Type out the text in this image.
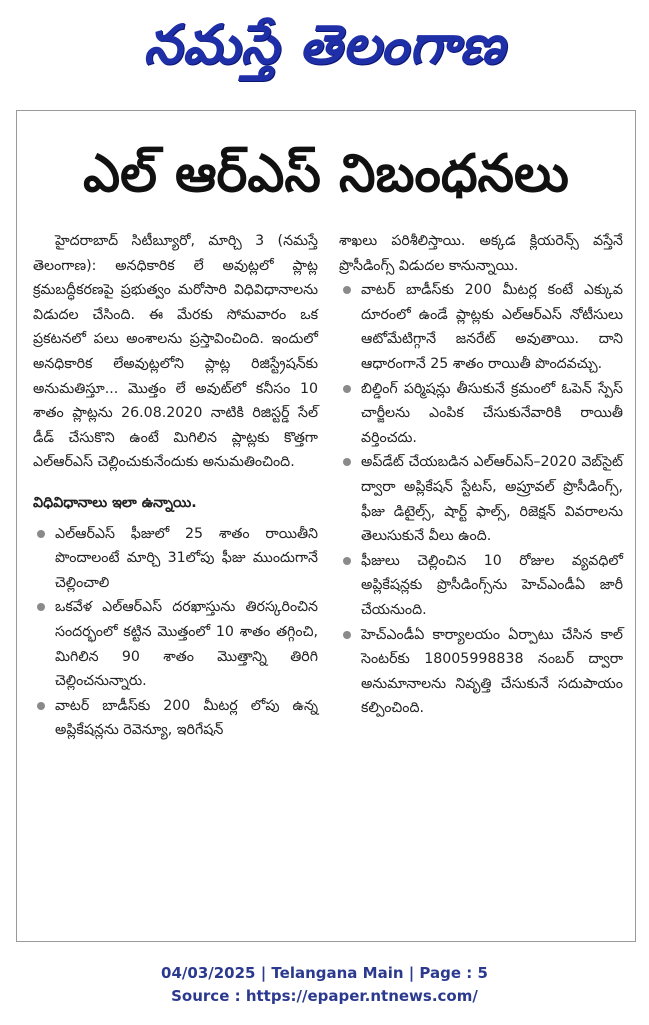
నమస్తే తెలంగాణ
ఎల్ ఆర్ఎస్ నిబంధనలు

హైదరాబాద్ సిటీబ్యూరో, మార్చి 3 (నమస్తే తెలంగాణ): అనధికారిక లే అవుట్లలో ప్లాట్ల క్రమబద్ధీకరణపై ప్రభుత్వం మరోసారి విధివిధానాలను విడుదల చేసింది. ఈ మేరకు సోమవారం ఒక ప్రకటనలో పలు అంశాలను ప్రస్తావించింది. ఇందులో అనధికారిక లేఅవుట్లలోని ప్లాట్ల రిజిస్ట్రేషన్‌కు అనుమతిస్తూ... మొత్తం లే అవుట్‌లో కనీసం 10 శాతం ప్లాట్లను 26.08.2020 నాటికి రిజిస్టర్డ్ సేల్ డీడ్ చేసుకొని ఉంటే మిగిలిన ప్లాట్లకు కొత్తగా ఎల్ఆర్ఎస్ చెల్లించుకునేందుకు అనుమతించింది.

విధివిధానాలు ఇలా ఉన్నాయి.

ఎల్ఆర్ఎస్ ఫీజులో 25 శాతం రాయితీని పొందాలంటే మార్చి 31లోపు ఫీజు ముందుగానే చెల్లించాలి
ఒకవేళ ఎల్ఆర్ఎస్ దరఖాస్తును తిరస్కరించిన సందర్భంలో కట్టిన మొత్తంలో 10 శాతం తగ్గించి, మిగిలిన 90 శాతం మొత్తాన్ని తిరిగి చెల్లించనున్నారు.
వాటర్ బాడీస్‌కు 200 మీటర్ల లోపు ఉన్న అప్లికేషన్లను రెవెన్యూ, ఇరిగేషన్

శాఖలు పరిశీలిస్తాయి. అక్కడ క్లియరెన్స్ వస్తేనే ప్రొసీడింగ్స్ విడుదల కానున్నాయి.

వాటర్ బాడీస్‌కు 200 మీటర్ల కంటే ఎక్కువ దూరంలో ఉండే ప్లాట్లకు ఎల్ఆర్ఎస్ నోటీసులు ఆటోమేటిగ్గానే జనరేట్ అవుతాయి. దాని ఆధారంగానే 25 శాతం రాయితీ పొందవచ్చు.
బిల్డింగ్ పర్మిషన్లు తీసుకునే క్రమంలో ఓపెన్ స్పేస్ చార్జీలను ఎంపిక చేసుకునేవారికి రాయితీ వర్తించదు.
అప్‌డేట్ చేయబడిన ఎల్ఆర్ఎస్–2020 వెబ్‌సైట్ ద్వారా అప్లికేషన్ స్టేటస్, అప్రూవల్ ప్రొసీడింగ్స్, ఫీజు డిటైల్స్, షార్ట్ ఫాల్స్, రిజెక్షన్ వివరాలను తెలుసుకునే వీలు ఉంది.
ఫీజులు చెల్లించిన 10 రోజుల వ్యవధిలో అప్లికేషన్లకు ప్రొసీడింగ్స్‌ను హెచ్ఎండీఏ జారీ చేయనుంది.
హెచ్ఎండీఏ కార్యాలయం ఏర్పాటు చేసిన కాల్ సెంటర్‌కు 18005998838 నంబర్ ద్వారా అనుమానాలను నివృత్తి చేసుకునే సదుపాయం కల్పించింది.
04/03/2025 | Telangana Main | Page : 5
Source : https://epaper.ntnews.com/
